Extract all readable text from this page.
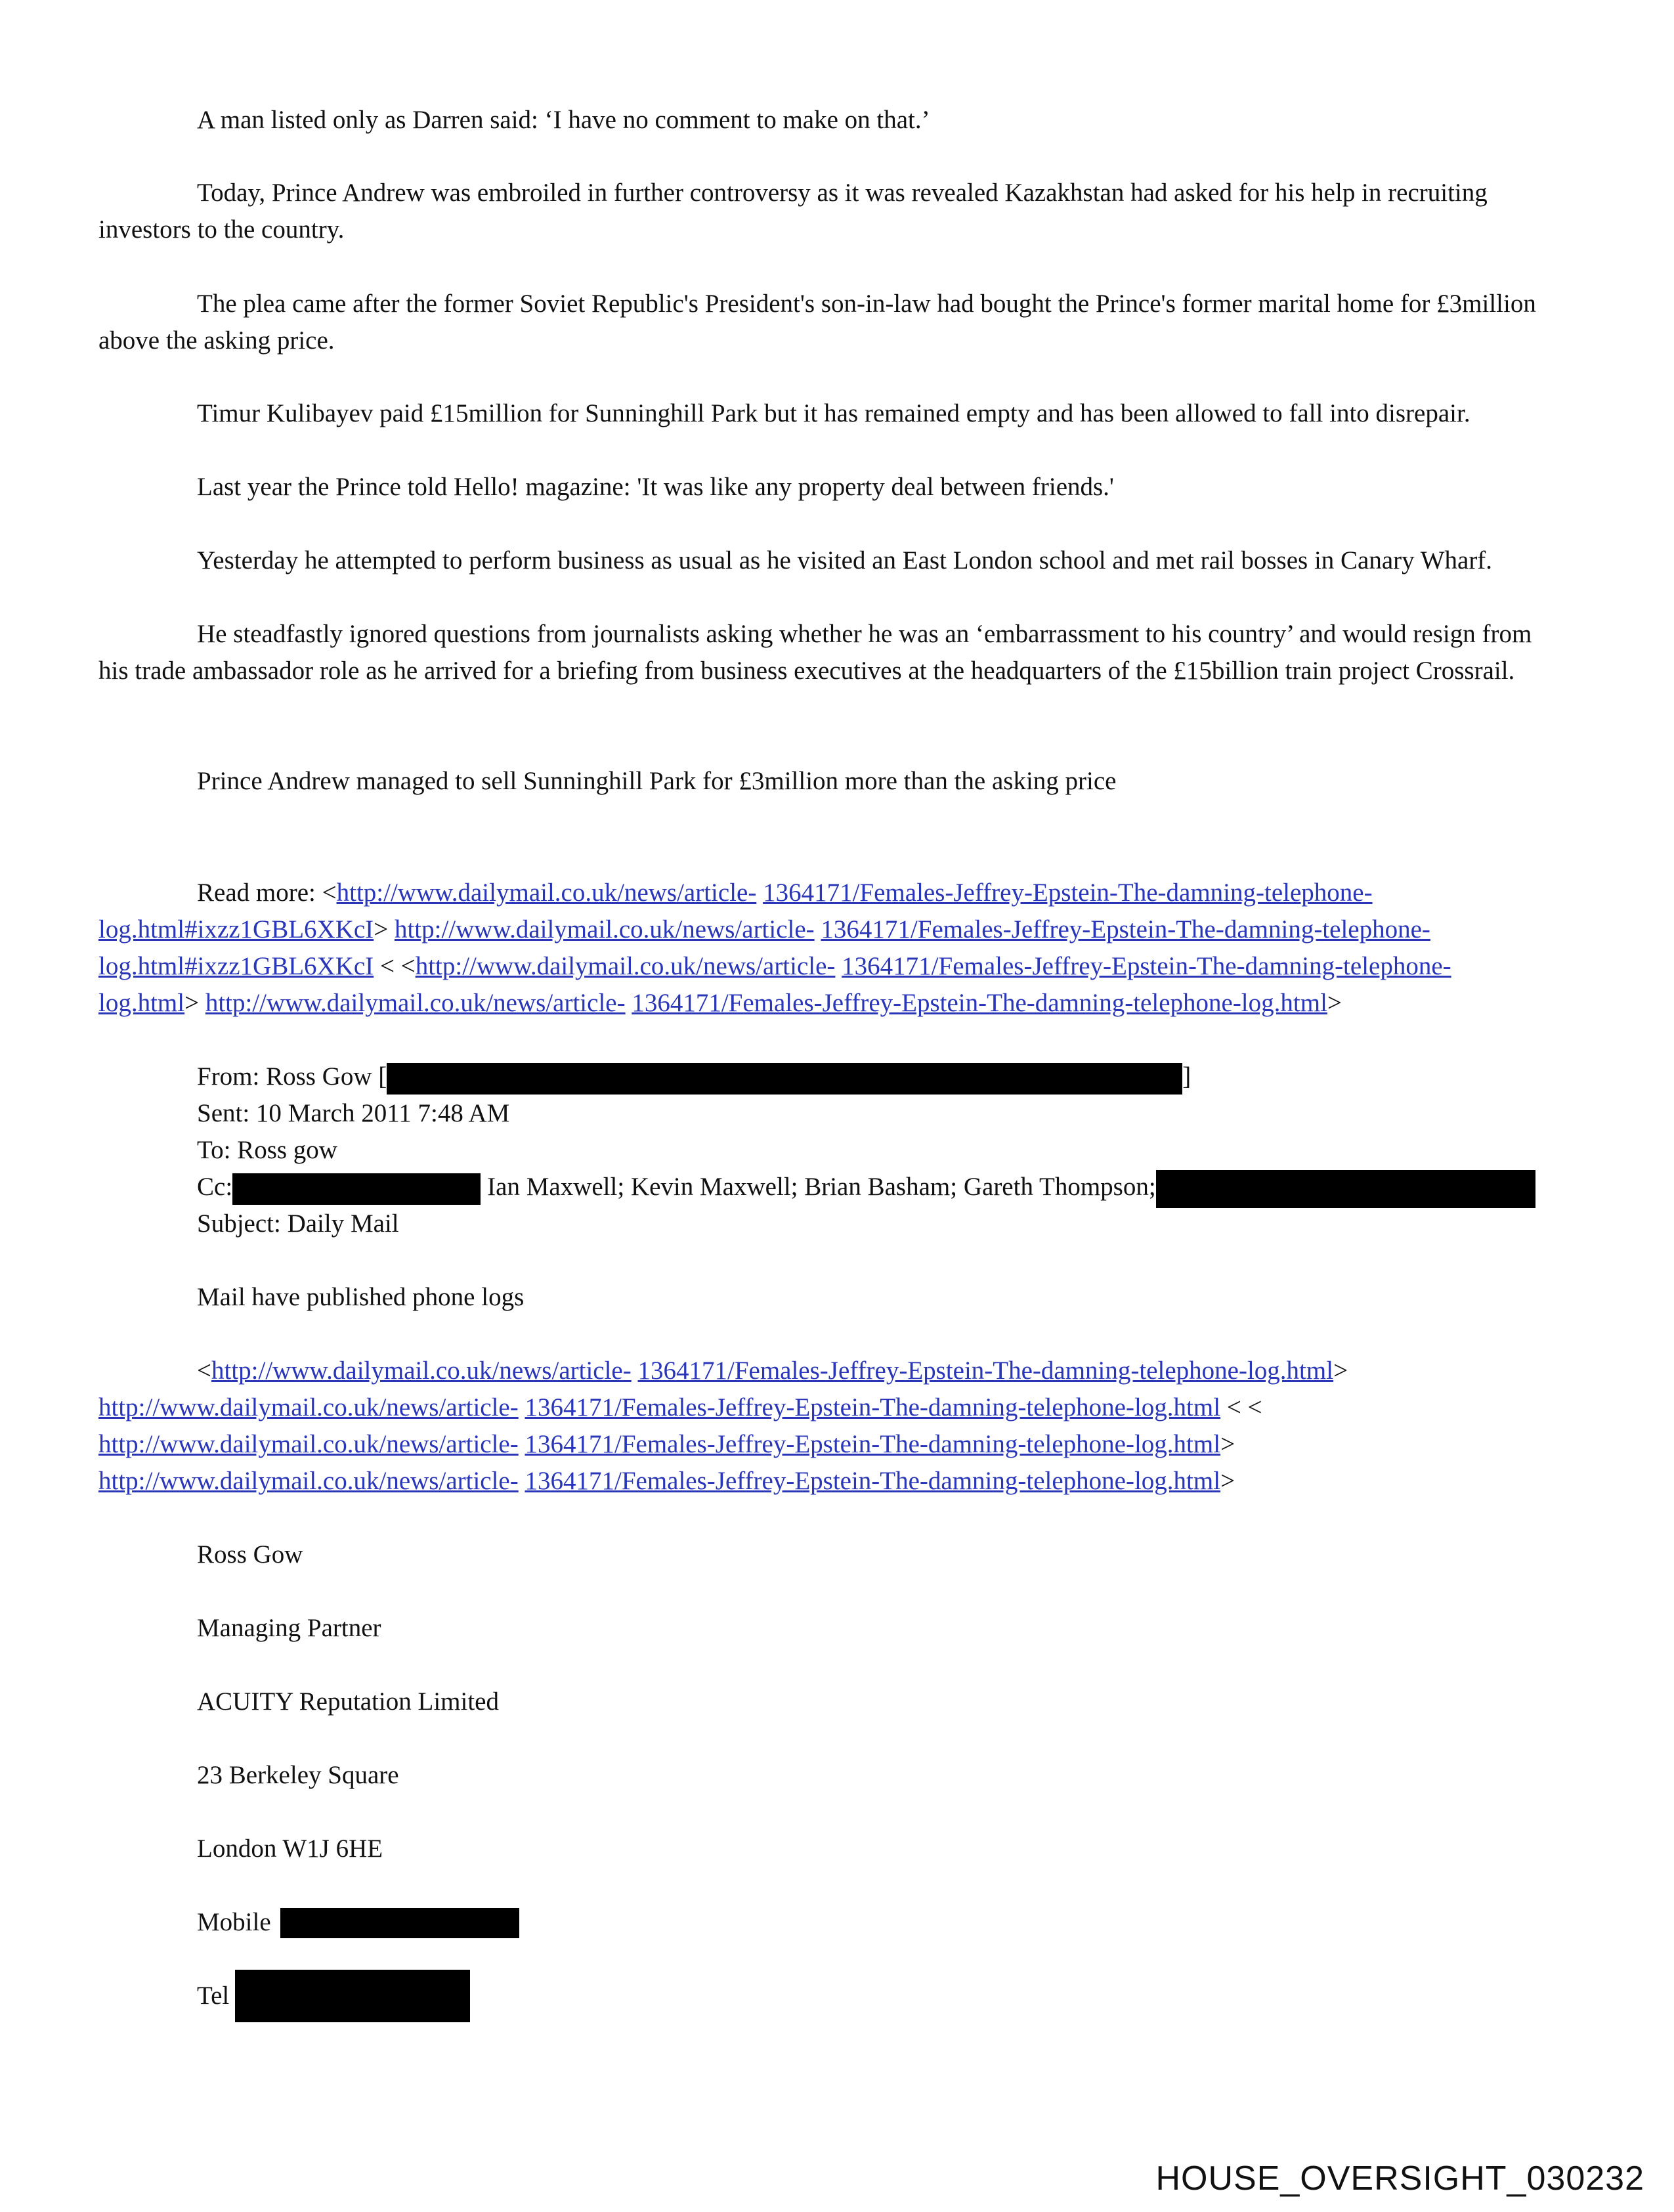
A man listed only as Darren said: ‘I have no comment to make on that.’

Today, Prince Andrew was embroiled in further controversy as it was revealed Kazakhstan had asked for his help in recruiting investors to the country.

The plea came after the former Soviet Republic's President's son-in-law had bought the Prince's former marital home for £3million above the asking price.

Timur Kulibayev paid £15million for Sunninghill Park but it has remained empty and has been allowed to fall into disrepair.

Last year the Prince told Hello! magazine: 'It was like any property deal between friends.'

Yesterday he attempted to perform business as usual as he visited an East London school and met rail bosses in Canary Wharf.

He steadfastly ignored questions from journalists asking whether he was an ‘embarrassment to his country’ and would resign from his trade ambassador role as he arrived for a briefing from business executives at the headquarters of the £15billion train project Crossrail.

Prince Andrew managed to sell Sunninghill Park for £3million more than the asking price

Read more: <http://www.dailymail.co.uk/news/article- 1364171/Females-Jeffrey-Epstein-The-damning-telephone-

log.html#ixzz1GBL6XKcI> http://www.dailymail.co.uk/news/article- 1364171/Females-Jeffrey-Epstein-The-damning-telephone-

log.html#ixzz1GBL6XKcI < <http://www.dailymail.co.uk/news/article- 1364171/Females-Jeffrey-Epstein-The-damning-telephone-

log.html> http://www.dailymail.co.uk/news/article- 1364171/Females-Jeffrey-Epstein-The-damning-telephone-log.html>

From: Ross Gow [	]

Sent: 10 March 2011 7:48 AM

To: Ross gow

Cc:	Ian Maxwell; Kevin Maxwell; Brian Basham; Gareth Thompson;

Subject: Daily Mail

Mail have published phone logs

<http://www.dailymail.co.uk/news/article- 1364171/Females-Jeffrey-Epstein-The-damning-telephone-log.html>

http://www.dailymail.co.uk/news/article- 1364171/Females-Jeffrey-Epstein-The-damning-telephone-log.html < <

http://www.dailymail.co.uk/news/article- 1364171/Females-Jeffrey-Epstein-The-damning-telephone-log.html>

http://www.dailymail.co.uk/news/article- 1364171/Females-Jeffrey-Epstein-The-damning-telephone-log.html>

Ross Gow

Managing Partner

ACUITY Reputation Limited

23 Berkeley Square

London W1J 6HE

Mobile

Tel

HOUSE_OVERSIGHT_030232
